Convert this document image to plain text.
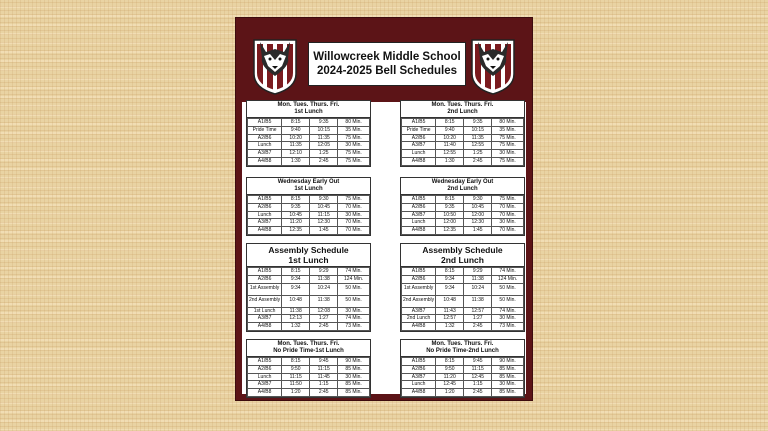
Willowcreek Middle School
2024-2025 Bell Schedules
Mon. Tues. Thurs. Fri.
1st Lunch
A1/B5	8:15	9:35	80 Min.
Pride Time	9:40	10:15	35 Min.
A2/B6	10:20	11:35	75 Min.
Lunch	11:35	12:05	30 Min.
A3/B7	12:10	1:25	75 Min.
A4/B8	1:30	2:45	75 Min.
Mon. Tues. Thurs. Fri.
2nd Lunch
A1/B5	8:15	9:35	80 Min.
Pride Time	9:40	10:15	35 Min.
A2/B6	10:20	11:35	75 Min.
A3/B7	11:40	12:55	75 Min.
Lunch	12:55	1:25	30 Min.
A4/B8	1:30	2:45	75 Min.
Wednesday Early Out
1st Lunch
A1/B5	8:15	9:30	75 Min.
A2/B6	9:35	10:45	70 Min.
Lunch	10:45	11:15	30 Min.
A3/B7	11:20	12:30	70 Min.
A4/B8	12:35	1:45	70 Min.
Wednesday Early Out
2nd Lunch
A1/B5	8:15	9:30	75 Min.
A2/B6	9:35	10:45	70 Min.
A3/B7	10:50	12:00	70 Min.
Lunch	12:00	12:30	30 Min.
A4/B8	12:35	1:45	70 Min.
Assembly Schedule
1st Lunch
A1/B5	8:15	9:29	74 Min.
A2/B6	9:34	11:38	124 Min.
1st Assembly	9:34	10:24	50 Min.
2nd Assembly	10:48	11:38	50 Min.
1st Lunch	11:38	12:08	30 Min.
A3/B7	12:13	1:27	74 Min.
A4/B8	1:32	2:45	73 Min.
Assembly Schedule
2nd Lunch
A1/B5	8:15	9:29	74 Min.
A2/B6	9:34	11:38	124 Min.
1st Assembly	9:34	10:24	50 Min.
2nd Assembly	10:48	11:38	50 Min.
A3/B7	11:43	12:57	74 Min.
2nd Lunch	12:57	1:27	30 Min.
A4/B8	1:32	2:45	73 Min.
Mon. Tues. Thurs. Fri.
No Pride Time-1st Lunch
A1/B5	8:15	9:45	90 Min.
A2/B6	9:50	11:15	85 Min.
Lunch	11:15	11:45	30 Min.
A3/B7	11:50	1:15	85 Min.
A4/B8	1:20	2:45	85 Min.
Mon. Tues. Thurs. Fri.
No Pride Time-2nd Lunch
A1/B5	8:15	9:45	90 Min.
A2/B6	9:50	11:15	85 Min.
A3/B7	11:20	12:45	85 Min.
Lunch	12:45	1:15	30 Min.
A4/B8	1:20	2:45	85 Min.
